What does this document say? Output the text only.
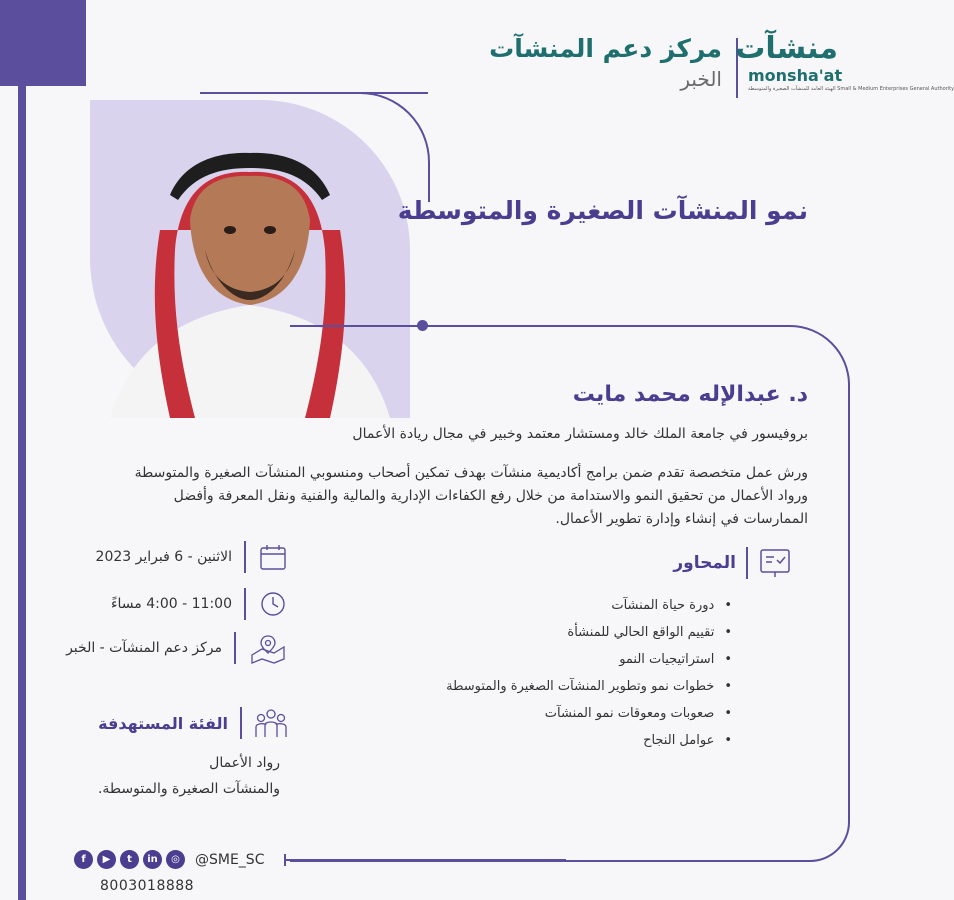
مركز دعم المنشآت
الخبر
منشآت
monsha'at
الهيئة العامة للمنشآت الصغيرة والمتوسطة Small & Medium Enterprises General Authority
نمو المنشآت الصغيرة والمتوسطة
د. عبدالإله محمد مايت
بروفيسور في جامعة الملك خالد ومستشار معتمد وخبير في مجال ريادة الأعمال
ورش عمل متخصصة تقدم ضمن برامج أكاديمية منشآت بهدف تمكين أصحاب ومنسوبي المنشآت الصغيرة والمتوسطة ورواد الأعمال من تحقيق النمو والاستدامة من خلال رفع الكفاءات الإدارية والمالية والفنية ونقل المعرفة وأفضل الممارسات في إنشاء وإدارة تطوير الأعمال.
المحاور
• دورة حياة المنشآت
• تقييم الواقع الحالي للمنشأة
• استراتيجيات النمو
• خطوات نمو وتطوير المنشآت الصغيرة والمتوسطة
• صعوبات ومعوقات نمو المنشآت
• عوامل النجاح
الاثنين - 6 فبراير 2023
11:00 - 4:00 مساءً
مركز دعم المنشآت - الخبر
الفئة المستهدفة
رواد الأعمال
والمنشآت الصغيرة والمتوسطة.
f	▶	t	in	◎	@SME_SC
8003018888
